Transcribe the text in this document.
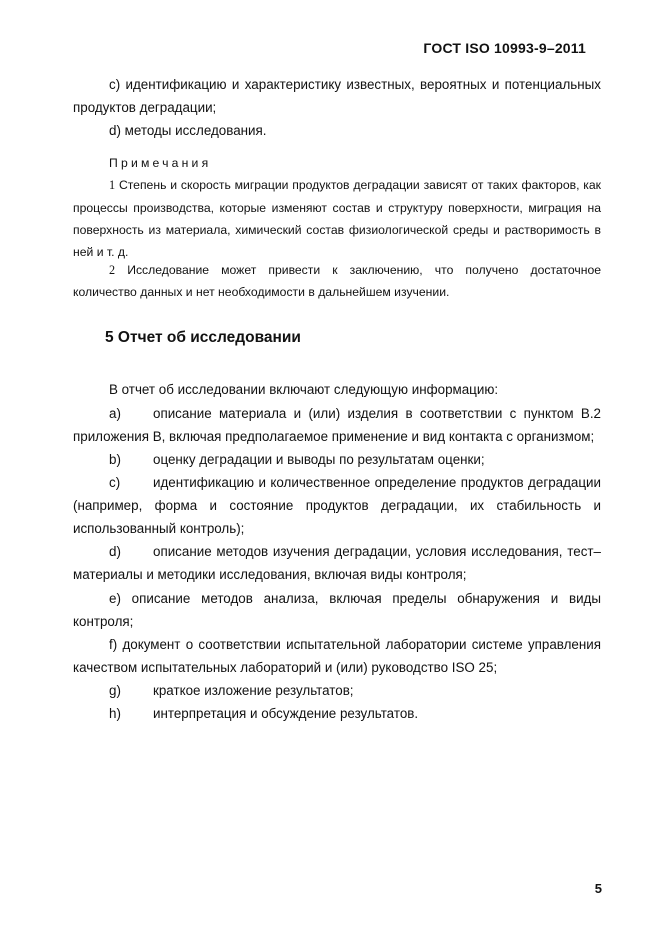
ГОСТ ISO 10993-9–2011
c) идентификацию и характеристику известных, вероятных и потенциальных
продуктов деградации;
d) методы исследования.
Примечания
1 Степень и скорость миграции продуктов деградации зависят от таких факторов, как
процессы производства, которые изменяют состав и структуру поверхности, миграция на
поверхность из материала, химический состав физиологической среды и растворимость в
ней и т. д.
2 Исследование может привести к заключению, что получено достаточное
количество данных и нет необходимости в дальнейшем изучении.
5 Отчет об исследовании
В отчет об исследовании включают следующую информацию:
a) описание материала и (или) изделия в соответствии с пунктом В.2
приложения В, включая предполагаемое применение и вид контакта с организмом;
b) оценку деградации и выводы по результатам оценки;
c) идентификацию и количественное определение продуктов деградации
(например, форма и состояние продуктов деградации, их стабильность и
использованный контроль);
d) описание методов изучения деградации, условия исследования, тест–
материалы и методики исследования, включая виды контроля;
e) описание методов анализа, включая пределы обнаружения и виды
контроля;
f) документ о соответствии испытательной лаборатории системе управления
качеством испытательных лабораторий и (или) руководство ISO 25;
g) краткое изложение результатов;
h) интерпретация и обсуждение результатов.
5
